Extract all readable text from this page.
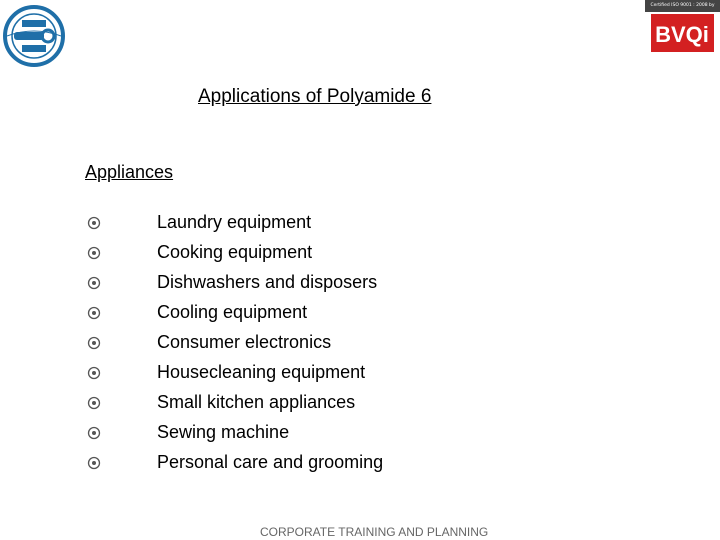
Certified ISO 9001 : 2008 by
BVQi
Applications of Polyamide 6
Appliances
Laundry equipment
Cooking equipment
Dishwashers and disposers
Cooling equipment
Consumer electronics
Housecleaning equipment
Small kitchen appliances
Sewing machine
Personal care and grooming
CORPORATE TRAINING AND PLANNING
